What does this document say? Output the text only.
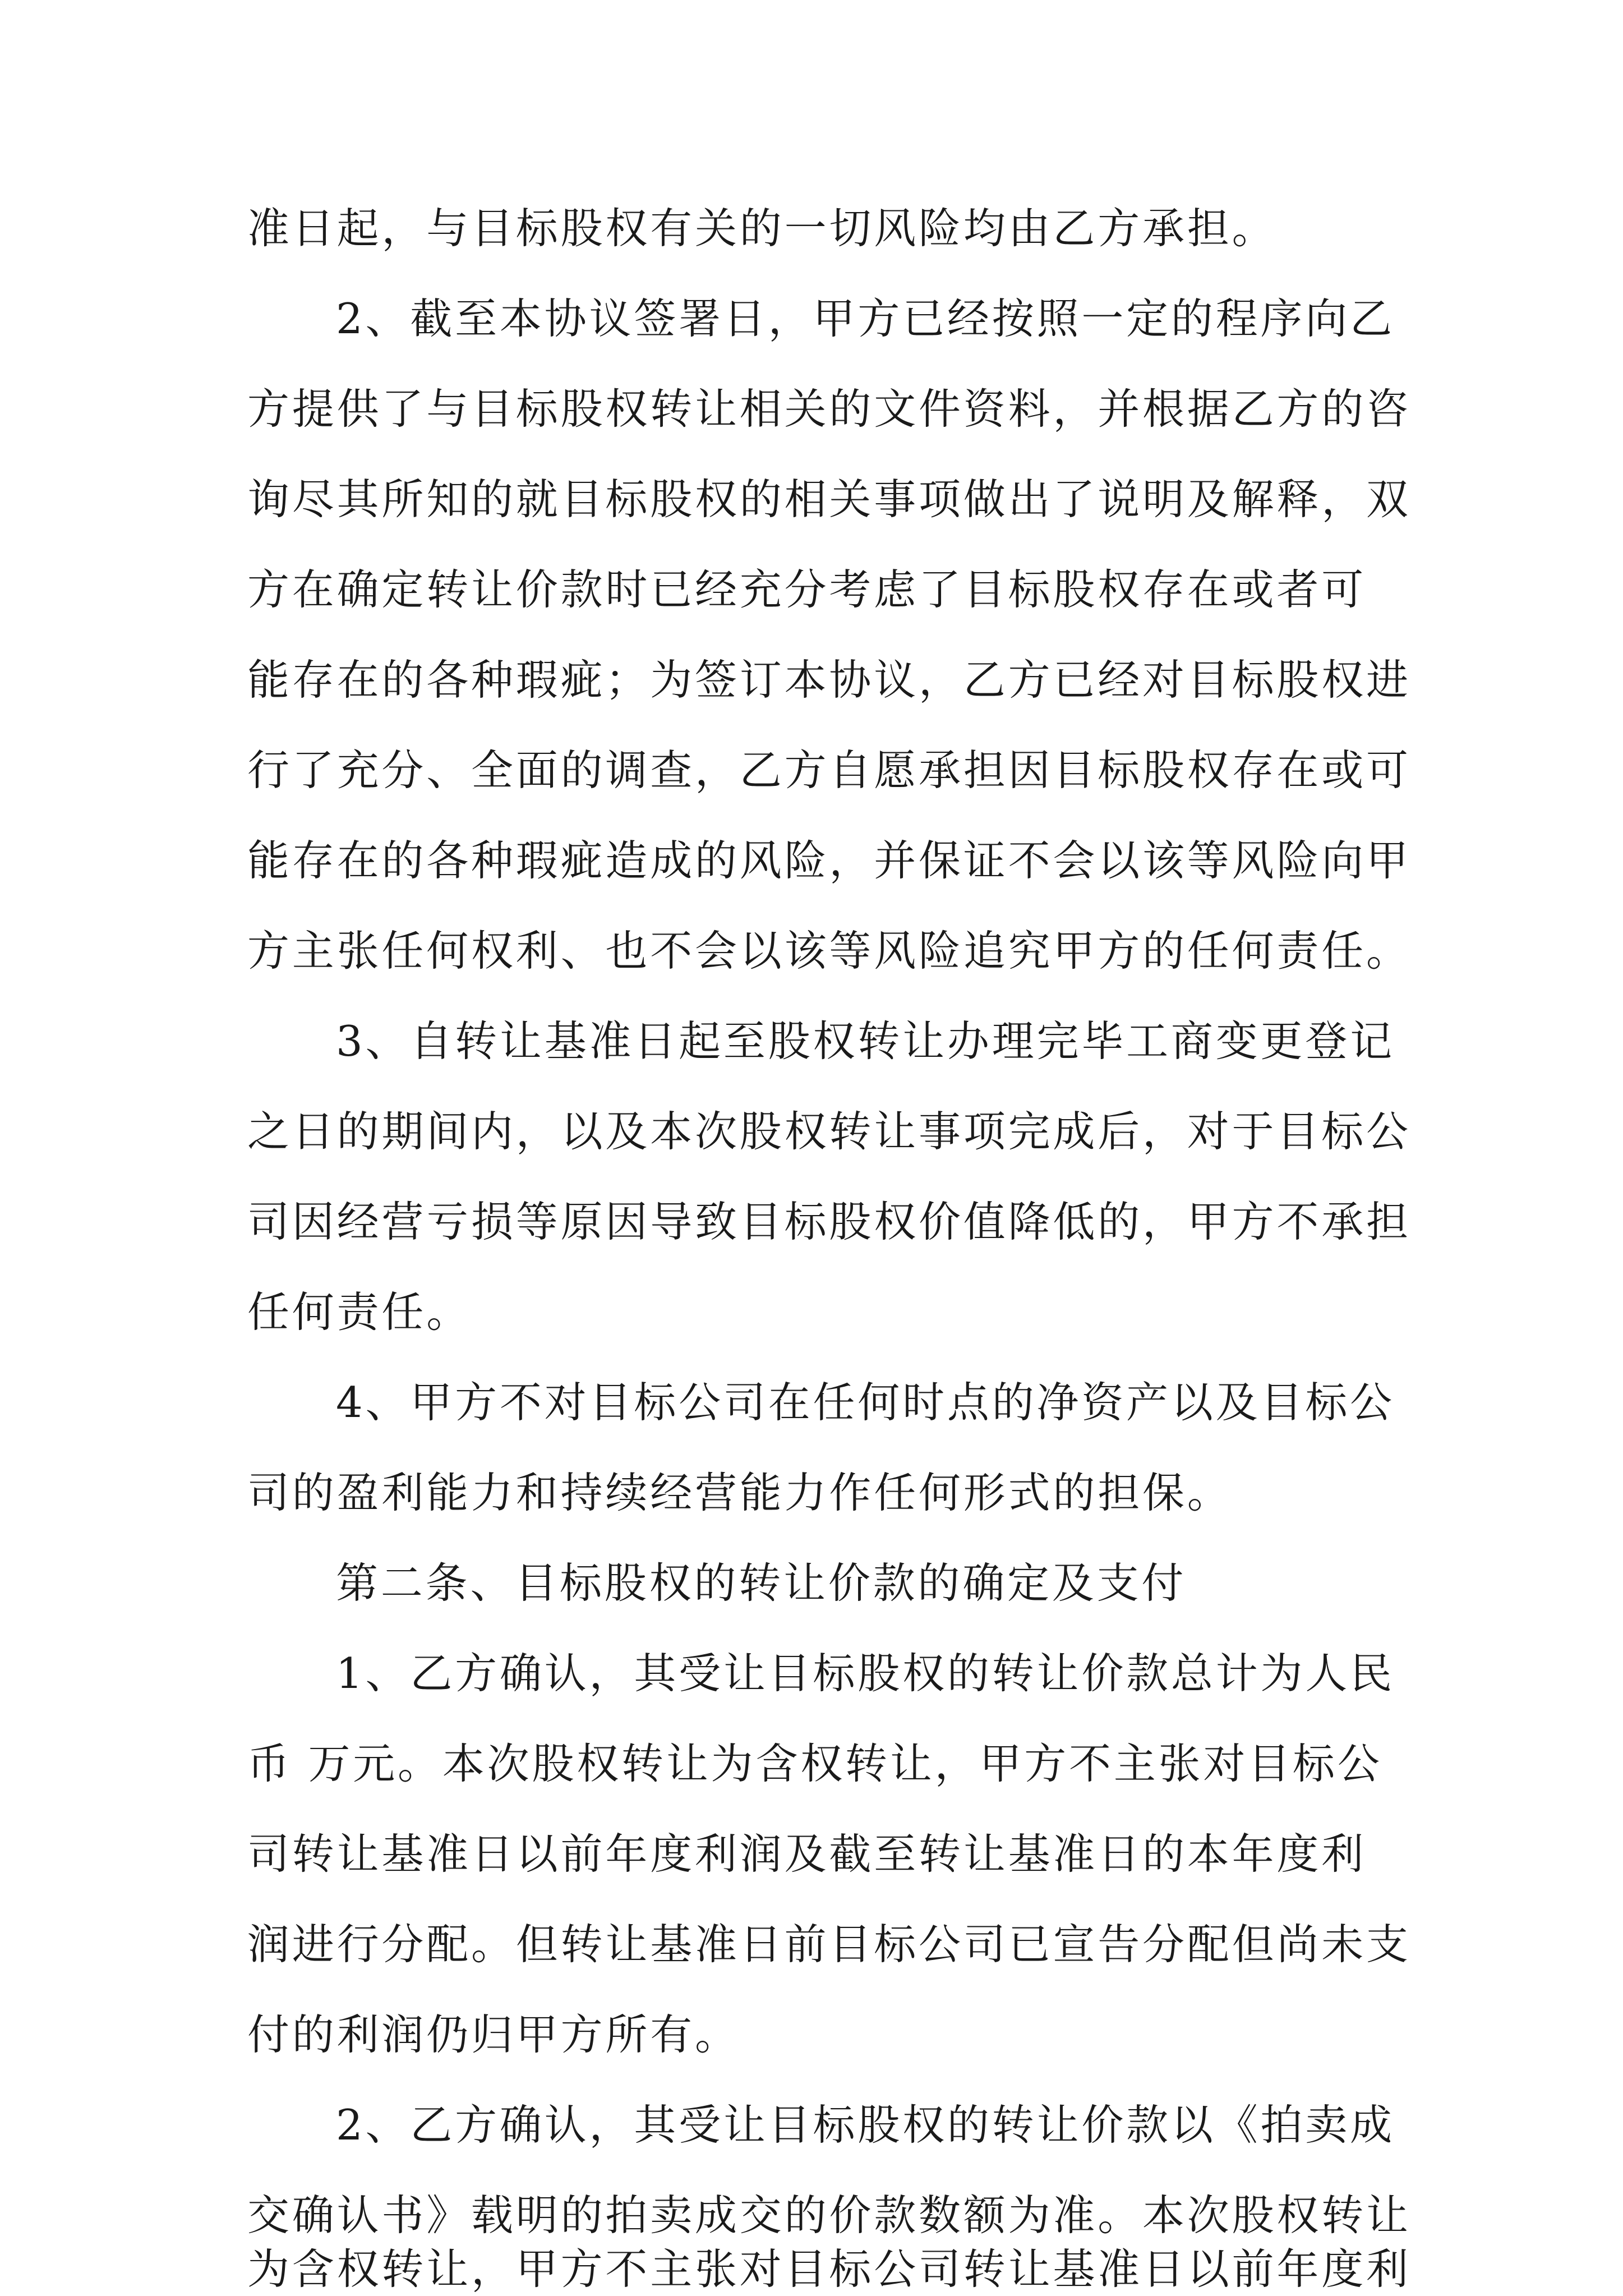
准日起，与目标股权有关的一切风险均由乙方承担。
2、截至本协议签署日，甲方已经按照一定的程序向乙
方提供了与目标股权转让相关的文件资料，并根据乙方的咨
询尽其所知的就目标股权的相关事项做出了说明及解释，双
方在确定转让价款时已经充分考虑了目标股权存在或者可
能存在的各种瑕疵；为签订本协议，乙方已经对目标股权进
行了充分、全面的调查，乙方自愿承担因目标股权存在或可
能存在的各种瑕疵造成的风险，并保证不会以该等风险向甲
方主张任何权利、也不会以该等风险追究甲方的任何责任。
3、自转让基准日起至股权转让办理完毕工商变更登记
之日的期间内，以及本次股权转让事项完成后，对于目标公
司因经营亏损等原因导致目标股权价值降低的，甲方不承担
任何责任。
4、甲方不对目标公司在任何时点的净资产以及目标公
司的盈利能力和持续经营能力作任何形式的担保。
第二条、目标股权的转让价款的确定及支付
1、乙方确认，其受让目标股权的转让价款总计为人民
币 万元。本次股权转让为含权转让，甲方不主张对目标公
司转让基准日以前年度利润及截至转让基准日的本年度利
润进行分配。但转让基准日前目标公司已宣告分配但尚未支
付的利润仍归甲方所有。
2、乙方确认，其受让目标股权的转让价款以《拍卖成
交确认书》载明的拍卖成交的价款数额为准。本次股权转让
为含权转让，甲方不主张对目标公司转让基准日以前年度利
